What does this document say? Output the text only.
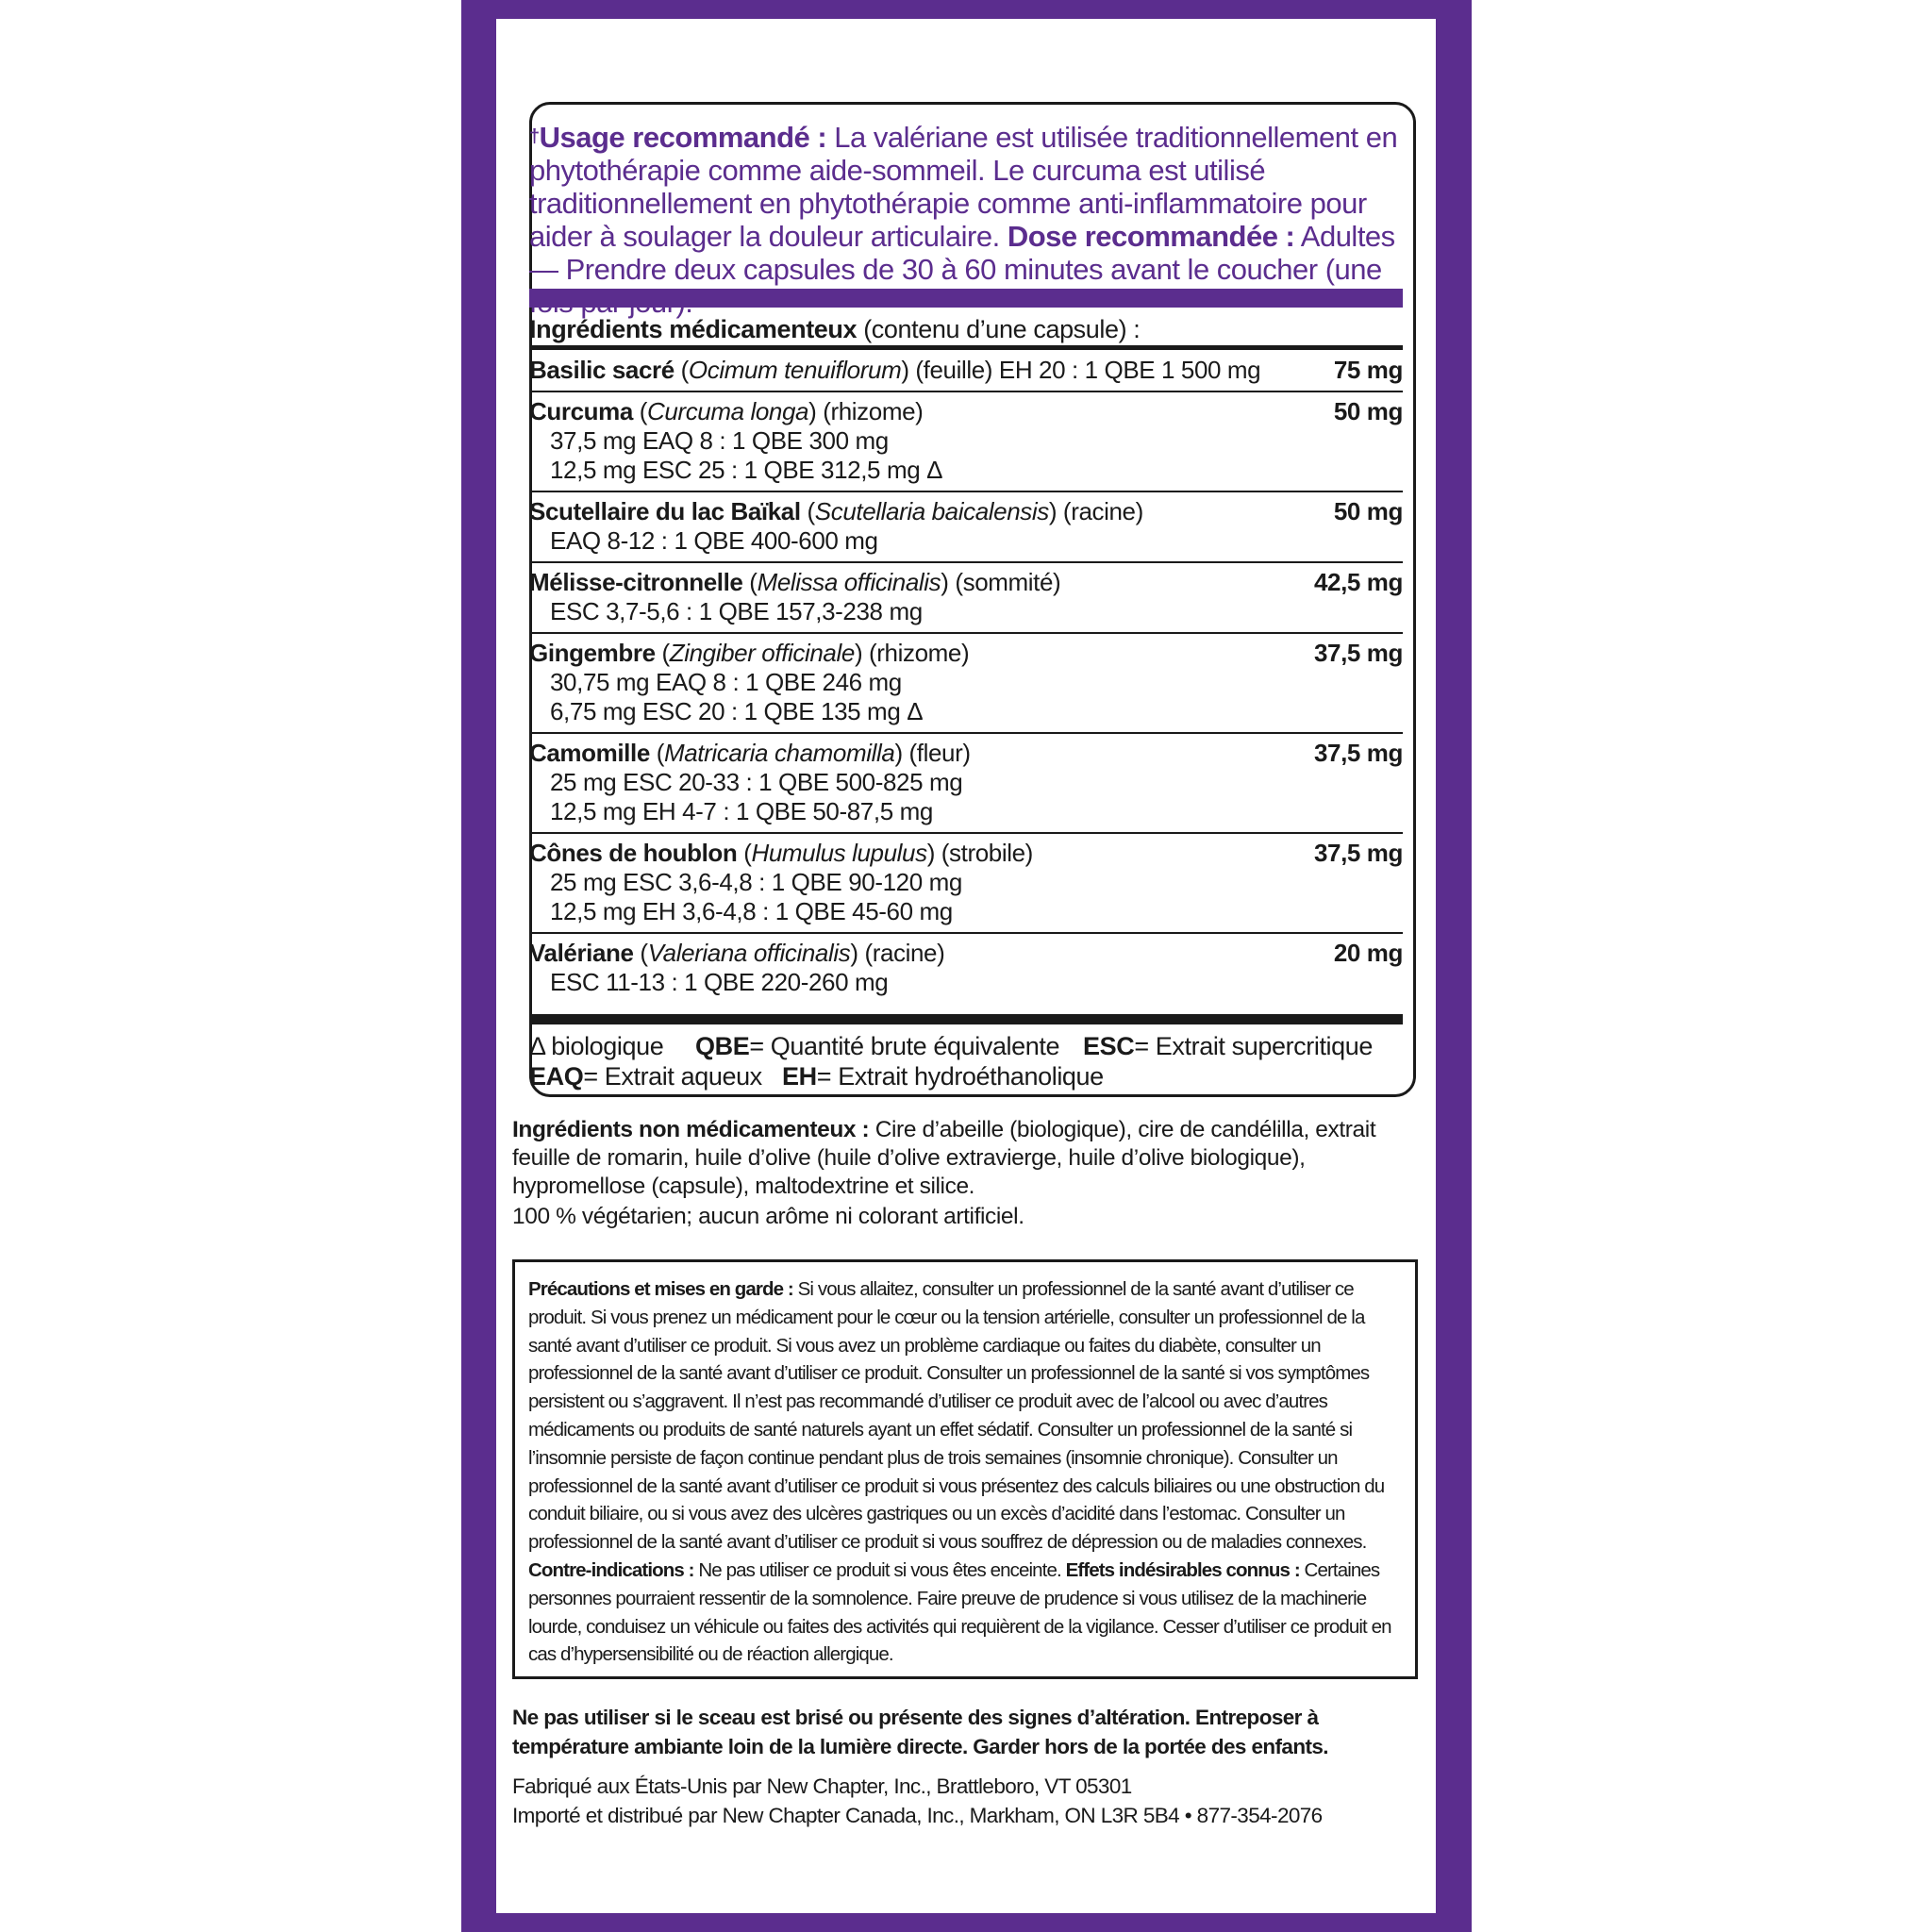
†Usage recommandé : La valériane est utilisée traditionnellement en phytothérapie comme aide-sommeil. Le curcuma est utilisé traditionnellement en phytothérapie comme anti-inflammatoire pour aider à soulager la douleur articulaire. Dose recommandée : Adultes — Prendre deux capsules de 30 à 60 minutes avant le coucher (une
Ingrédients médicamenteux (contenu d’une capsule) :
Basilic sacré (Ocimum tenuiflorum) (feuille) EH 20 : 1 QBE 1 500 mg	75 mg
Curcuma (Curcuma longa) (rhizome)	50 mg
37,5 mg EAQ 8 : 1 QBE 300 mg
12,5 mg ESC 25 : 1 QBE 312,5 mg Δ
Scutellaire du lac Baïkal (Scutellaria baicalensis) (racine)	50 mg
EAQ 8-12 : 1 QBE 400-600 mg
Mélisse-citronnelle (Melissa officinalis) (sommité)	42,5 mg
ESC 3,7-5,6 : 1 QBE 157,3-238 mg
Gingembre (Zingiber officinale) (rhizome)	37,5 mg
30,75 mg EAQ 8 : 1 QBE 246 mg
6,75 mg ESC 20 : 1 QBE 135 mg Δ
Camomille (Matricaria chamomilla) (fleur)	37,5 mg
25 mg ESC 20-33 : 1 QBE 500-825 mg
12,5 mg EH 4-7 : 1 QBE 50-87,5 mg
Cônes de houblon (Humulus lupulus) (strobile)	37,5 mg
25 mg ESC 3,6-4,8 : 1 QBE 90-120 mg
12,5 mg EH 3,6-4,8 : 1 QBE 45-60 mg
Valériane (Valeriana officinalis) (racine)	20 mg
ESC 11-13 : 1 QBE 220-260 mg
Δ biologique QBE= Quantité brute équivalente ESC= Extrait supercritique
EAQ= Extrait aqueux EH= Extrait hydroéthanolique
Ingrédients non médicamenteux : Cire d’abeille (biologique), cire de candélilla, extrait feuille de romarin, huile d’olive (huile d’olive extravierge, huile d’olive biologique), hypromellose (capsule), maltodextrine et silice.
100 % végétarien; aucun arôme ni colorant artificiel.
Précautions et mises en garde : Si vous allaitez, consulter un professionnel de la santé avant d’utiliser ce produit. Si vous prenez un médicament pour le cœur ou la tension artérielle, consulter un professionnel de la santé avant d’utiliser ce produit. Si vous avez un problème cardiaque ou faites du diabète, consulter un professionnel de la santé avant d’utiliser ce produit. Consulter un professionnel de la santé si vos symptômes persistent ou s’aggravent. Il n’est pas recommandé d’utiliser ce produit avec de l’alcool ou avec d’autres médicaments ou produits de santé naturels ayant un effet sédatif. Consulter un professionnel de la santé si l’insomnie persiste de façon continue pendant plus de trois semaines (insomnie chronique). Consulter un professionnel de la santé avant d’utiliser ce produit si vous présentez des calculs biliaires ou une obstruction du conduit biliaire, ou si vous avez des ulcères gastriques ou un excès d’acidité dans l’estomac. Consulter un professionnel de la santé avant d’utiliser ce produit si vous souffrez de dépression ou de maladies connexes. Contre-indications : Ne pas utiliser ce produit si vous êtes enceinte. Effets indésirables connus : Certaines personnes pourraient ressentir de la somnolence. Faire preuve de prudence si vous utilisez de la machinerie lourde, conduisez un véhicule ou faites des activités qui requièrent de la vigilance. Cesser d’utiliser ce produit en cas d’hypersensibilité ou de réaction allergique.
Ne pas utiliser si le sceau est brisé ou présente des signes d’altération. Entreposer à température ambiante loin de la lumière directe. Garder hors de la portée des enfants.
Fabriqué aux États-Unis par New Chapter, Inc., Brattleboro, VT 05301
Importé et distribué par New Chapter Canada, Inc., Markham, ON L3R 5B4 • 877-354-2076
